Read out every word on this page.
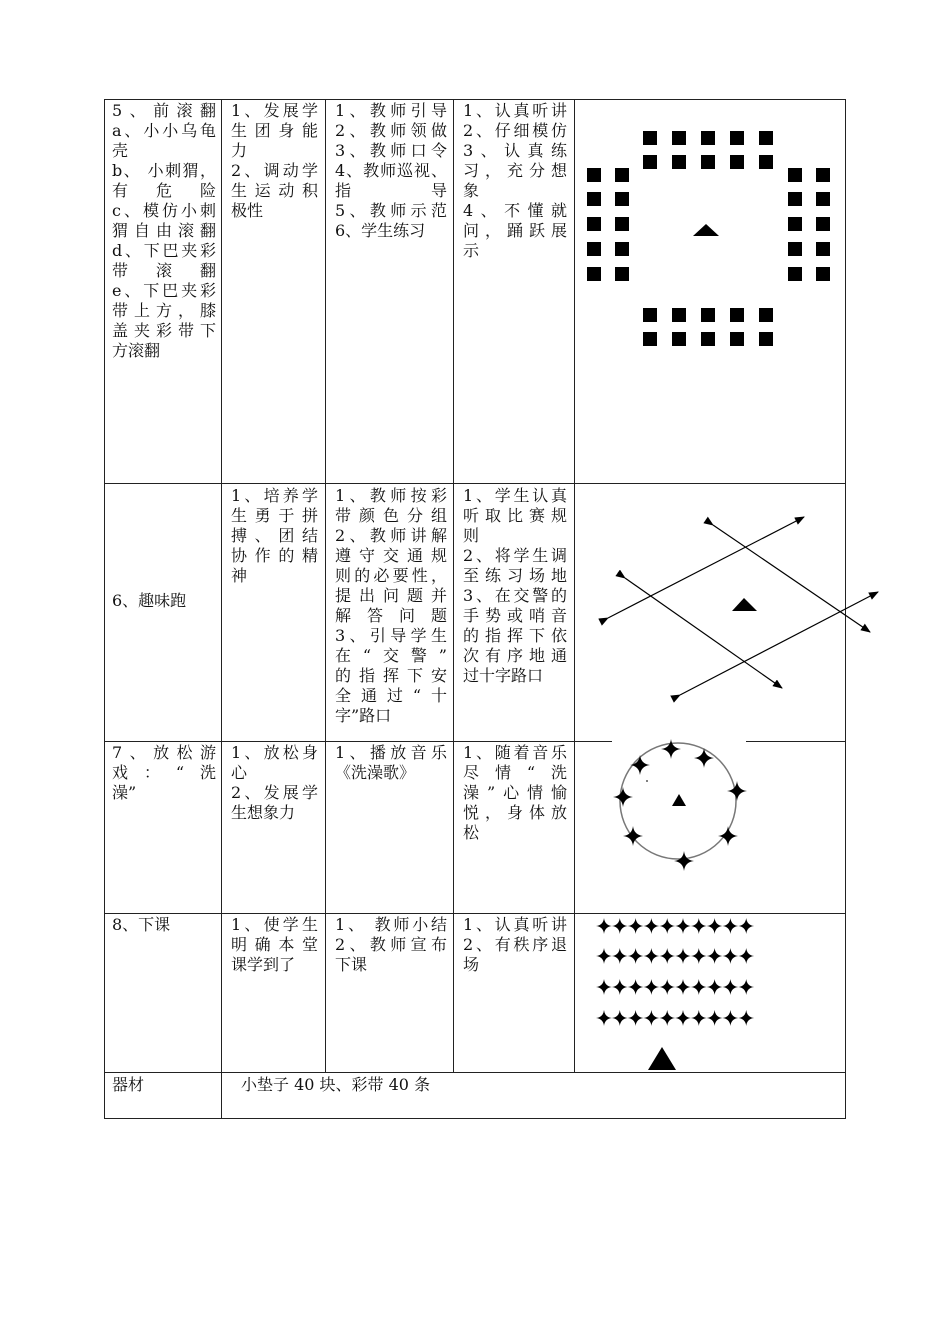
5、前滚翻
a、小小乌龟
壳
b、 小刺猬，
有危险
c、模仿小刺
猬自由滚翻
d、下巴夹彩
带滚翻
e、下巴夹彩
带上方，膝
盖夹彩带下
方滚翻
1、发展学
生团身能
力
2、调动学
生运动积
极性
1、教师引导
2、教师领做
3、教师口令
4、教师巡视、
指导
5、教师示范
6、学生练习
1、认真听讲
2、仔细模仿
3、认真练
习，充分想
象
4、不懂就
问，踊跃展
示
6、趣味跑
1、培养学
生勇于拼
搏、团结
协作的精
神
1、教师按彩
带颜色分组
2、教师讲解
遵守交通规
则的必要性，
提出问题并
解答问题
3、引导学生
在“交警”
的指挥下安
全通过“十
字”路口
1、学生认真
听取比赛规
则
2、将学生调
至练习场地
3、在交警的
手势或哨音
的指挥下依
次有序地通
过十字路口
7、放松游
戏：“洗
澡”
1、放松身
心
2、发展学
生想象力
1、播放音乐
《洗澡歌》
1、随着音乐
尽情“洗
澡”心情愉
悦，身体放
松
8、下课	1、使学生
明确本堂
课学到了
1、 教师小结
2、教师宣布
下课
1、认真听讲
2、有秩序退
场
器材	小垫子 40 块、彩带 40 条
